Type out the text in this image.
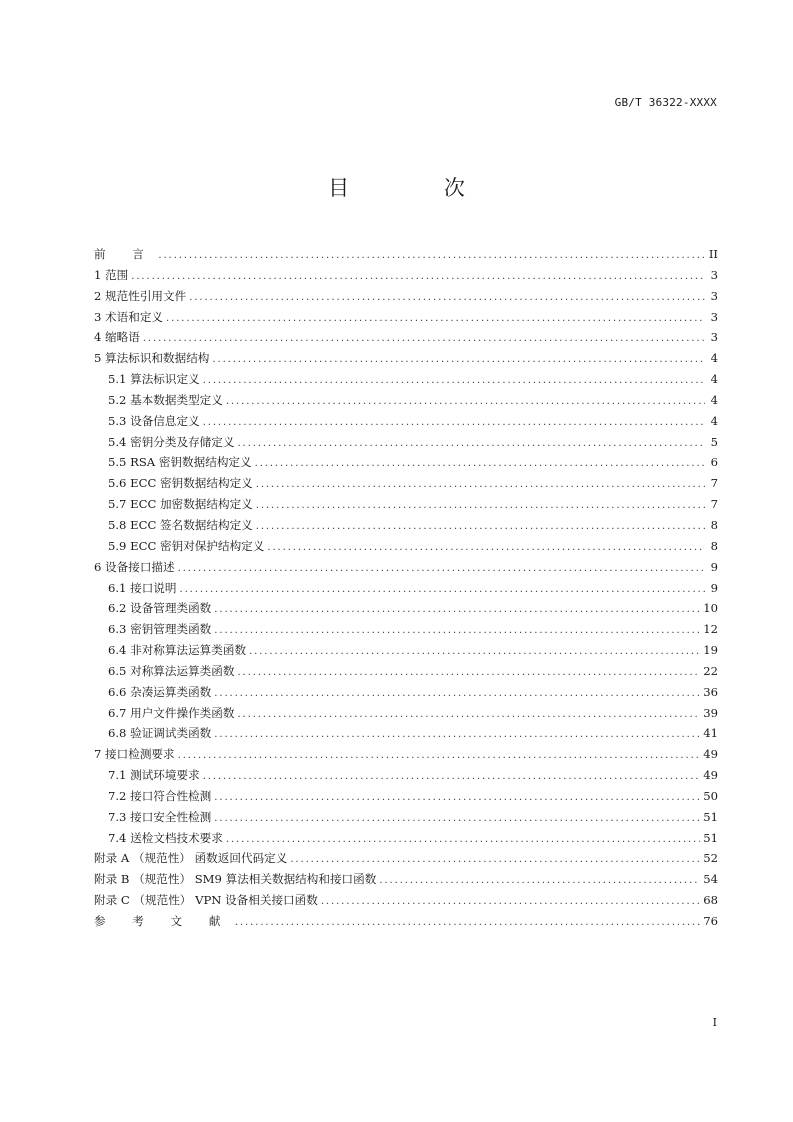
GB/T 36322-XXXX
目 次
前 言 .....	II
1 范围 .....	3
2 规范性引用文件 .....	3
3 术语和定义 .....	3
4 缩略语 .....	3
5 算法标识和数据结构 .....	4
5.1 算法标识定义 .....	4
5.2 基本数据类型定义 .....	4
5.3 设备信息定义 .....	4
5.4 密钥分类及存储定义 .....	5
5.5 RSA 密钥数据结构定义 .....	6
5.6 ECC 密钥数据结构定义 .....	7
5.7 ECC 加密数据结构定义 .....	7
5.8 ECC 签名数据结构定义 .....	8
5.9 ECC 密钥对保护结构定义 .....	8
6 设备接口描述 .....	9
6.1 接口说明 .....	9
6.2 设备管理类函数 .....	10
6.3 密钥管理类函数 .....	12
6.4 非对称算法运算类函数 .....	19
6.5 对称算法运算类函数 .....	22
6.6 杂凑运算类函数 .....	36
6.7 用户文件操作类函数 .....	39
6.8 验证调试类函数 .....	41
7 接口检测要求 .....	49
7.1 测试环境要求 .....	49
7.2 接口符合性检测 .....	50
7.3 接口安全性检测 .....	51
7.4 送检文档技术要求 .....	51
附录 A （规范性） 函数返回代码定义 .....	52
附录 B （规范性） SM9 算法相关数据结构和接口函数 .....	54
附录 C （规范性） VPN 设备相关接口函数 .....	68
参 考 文 献 .....	76
I
